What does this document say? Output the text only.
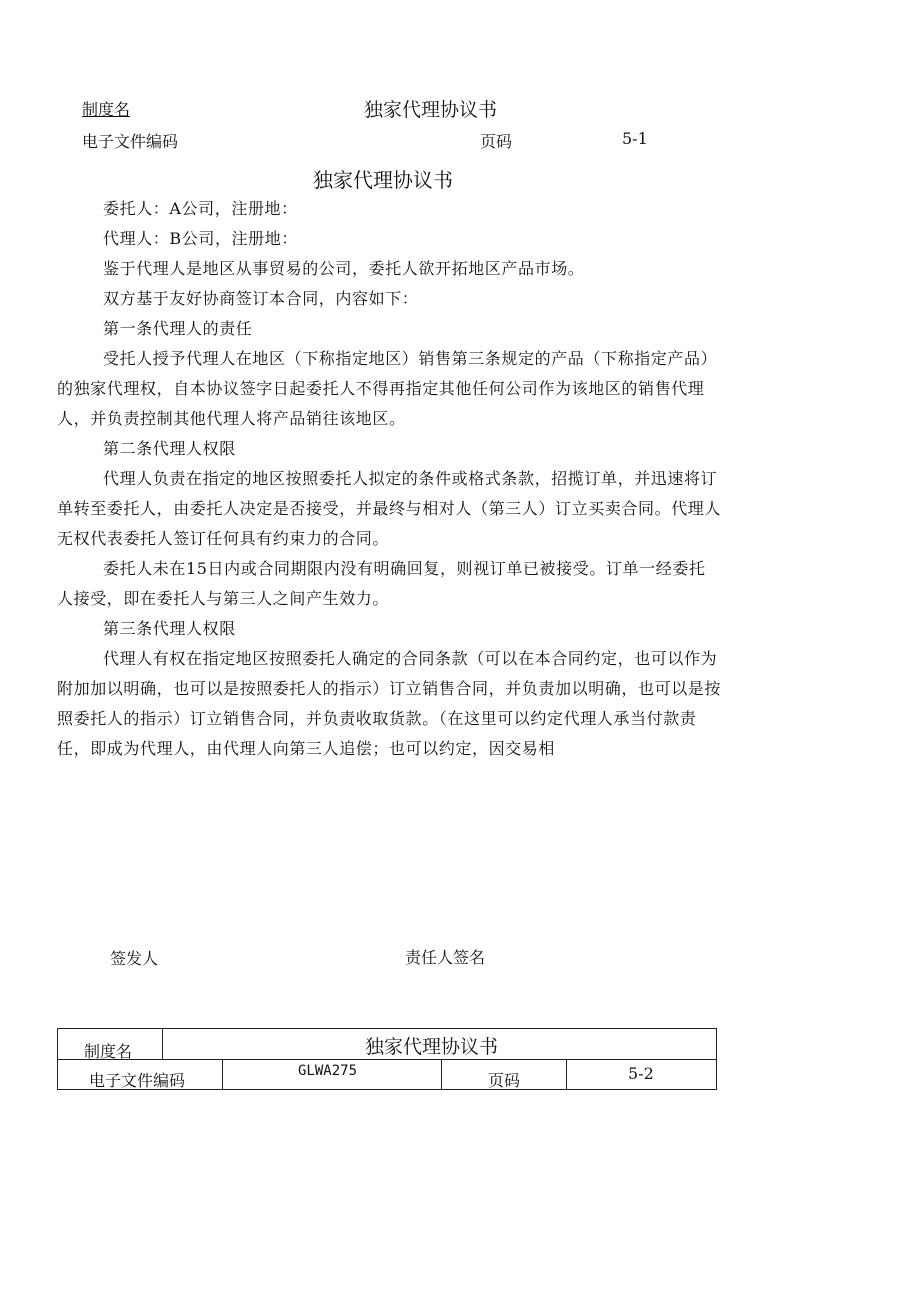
制度名	独家代理协议书
电子文件编码	页码	5-1
独家代理协议书

委托人：A公司，注册地：

代理人：B公司，注册地：

鉴于代理人是地区从事贸易的公司，委托人欲开拓地区产品市场。

双方基于友好协商签订本合同，内容如下：

第一条代理人的责任

受托人授予代理人在地区（下称指定地区）销售第三条规定的产品（下称指定产品）的独家代理权，自本协议签字日起委托人不得再指定其他任何公司作为该地区的销售代理人，并负责控制其他代理人将产品销往该地区。

第二条代理人权限

代理人负责在指定的地区按照委托人拟定的条件或格式条款，招揽订单，并迅速将订单转至委托人，由委托人决定是否接受，并最终与相对人（第三人）订立买卖合同。代理人无权代表委托人签订任何具有约束力的合同。

委托人未在15日内或合同期限内没有明确回复，则视订单已被接受。订单一经委托人接受，即在委托人与第三人之间产生效力。

第三条代理人权限

代理人有权在指定地区按照委托人确定的合同条款（可以在本合同约定，也可以作为附加加以明确，也可以是按照委托人的指示）订立销售合同，并负责加以明确，也可以是按照委托人的指示）订立销售合同，并负责收取货款。（在这里可以约定代理人承当付款责任，即成为代理人，由代理人向第三人追偿；也可以约定，因交易相

签发人	责任人签名
制度名	独家代理协议书
电子文件编码	GLWA275	页码	5-2
